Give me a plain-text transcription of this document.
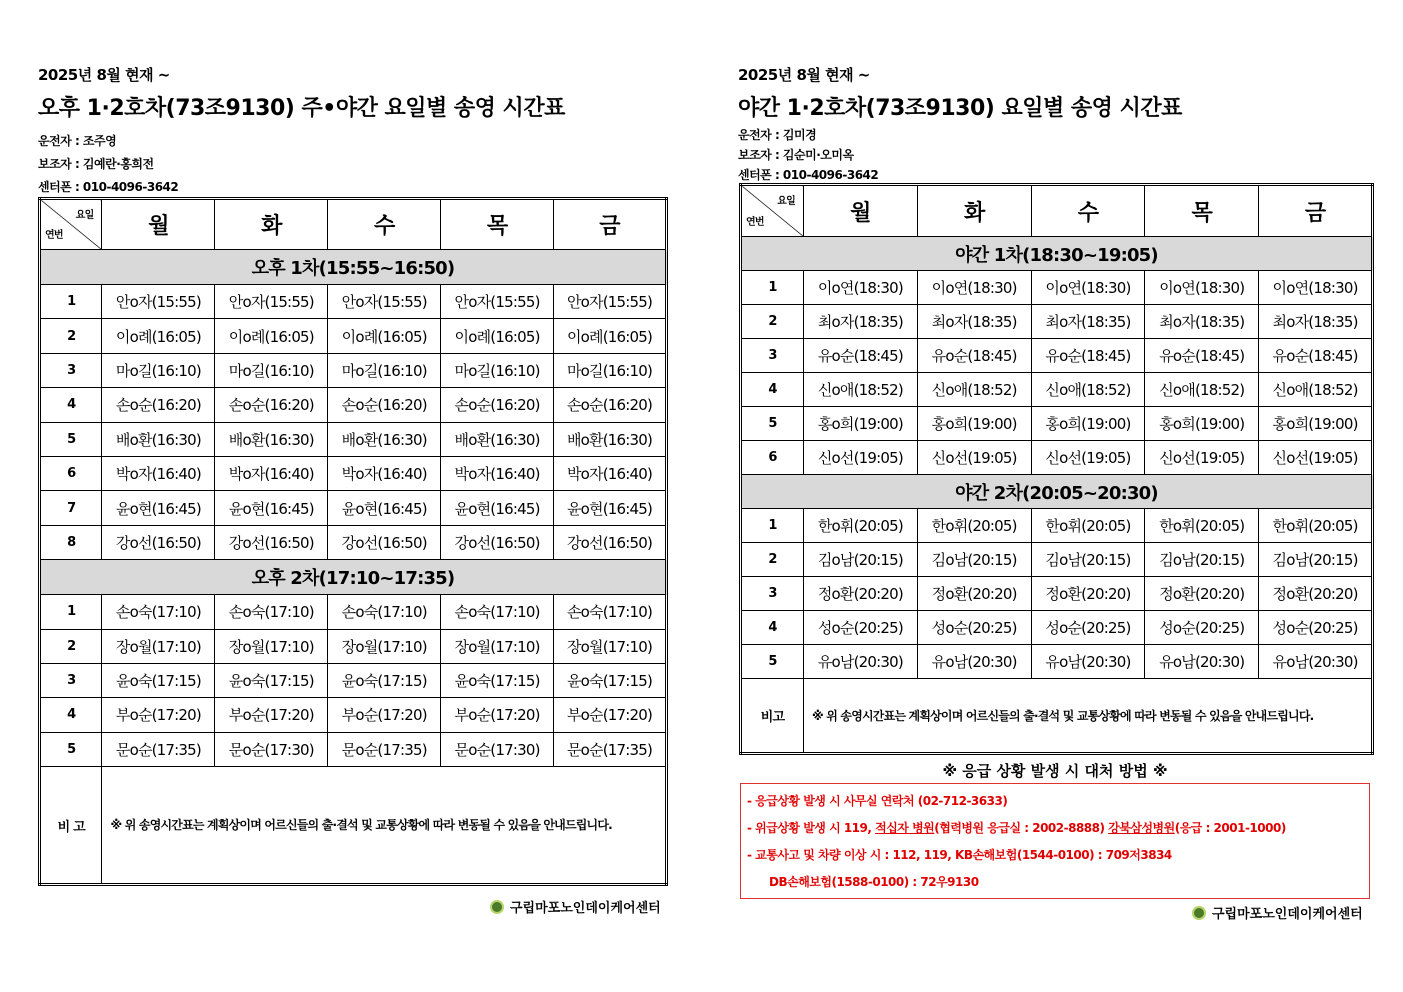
2025년 8월 현재 ~
오후 1·2호차(73조9130) 주•야간 요일별 송영 시간표
운전자 : 조주영
보조자 : 김예란·홍희전
센터폰 : 010-4096-3642
요일
연번	월	화	수	목	금
오후 1차(15:55~16:50)					
1	안o자(15:55)	안o자(15:55)	안o자(15:55)	안o자(15:55)	안o자(15:55)
2	이o례(16:05)	이o례(16:05)	이o례(16:05)	이o례(16:05)	이o례(16:05)
3	마o길(16:10)	마o길(16:10)	마o길(16:10)	마o길(16:10)	마o길(16:10)
4	손o순(16:20)	손o순(16:20)	손o순(16:20)	손o순(16:20)	손o순(16:20)
5	배o환(16:30)	배o환(16:30)	배o환(16:30)	배o환(16:30)	배o환(16:30)
6	박o자(16:40)	박o자(16:40)	박o자(16:40)	박o자(16:40)	박o자(16:40)
7	윤o현(16:45)	윤o현(16:45)	윤o현(16:45)	윤o현(16:45)	윤o현(16:45)
8	강o선(16:50)	강o선(16:50)	강o선(16:50)	강o선(16:50)	강o선(16:50)
오후 2차(17:10~17:35)					
1	손o숙(17:10)	손o숙(17:10)	손o숙(17:10)	손o숙(17:10)	손o숙(17:10)
2	장o월(17:10)	장o월(17:10)	장o월(17:10)	장o월(17:10)	장o월(17:10)
3	윤o숙(17:15)	윤o숙(17:15)	윤o숙(17:15)	윤o숙(17:15)	윤o숙(17:15)
4	부o순(17:20)	부o순(17:20)	부o순(17:20)	부o순(17:20)	부o순(17:20)
5	문o순(17:35)	문o순(17:30)	문o순(17:35)	문o순(17:30)	문o순(17:35)
비 고	※ 위 송영시간표는 계획상이며 어르신들의 출·결석 및 교통상황에 따라 변동될 수 있음을 안내드립니다.				
2025년 8월 현재 ~
야간 1·2호차(73조9130) 요일별 송영 시간표
운전자 : 김미경
보조자 : 김순미·오미옥
센터폰 : 010-4096-3642
요일
연번	월	화	수	목	금
야간 1차(18:30~19:05)					
1	이o연(18:30)	이o연(18:30)	이o연(18:30)	이o연(18:30)	이o연(18:30)
2	최o자(18:35)	최o자(18:35)	최o자(18:35)	최o자(18:35)	최o자(18:35)
3	유o순(18:45)	유o순(18:45)	유o순(18:45)	유o순(18:45)	유o순(18:45)
4	신o애(18:52)	신o애(18:52)	신o애(18:52)	신o애(18:52)	신o애(18:52)
5	홍o희(19:00)	홍o희(19:00)	홍o희(19:00)	홍o희(19:00)	홍o희(19:00)
6	신o선(19:05)	신o선(19:05)	신o선(19:05)	신o선(19:05)	신o선(19:05)
야간 2차(20:05~20:30)					
1	한o휘(20:05)	한o휘(20:05)	한o휘(20:05)	한o휘(20:05)	한o휘(20:05)
2	김o남(20:15)	김o남(20:15)	김o남(20:15)	김o남(20:15)	김o남(20:15)
3	정o환(20:20)	정o환(20:20)	정o환(20:20)	정o환(20:20)	정o환(20:20)
4	성o순(20:25)	성o순(20:25)	성o순(20:25)	성o순(20:25)	성o순(20:25)
5	유o남(20:30)	유o남(20:30)	유o남(20:30)	유o남(20:30)	유o남(20:30)
비고	※ 위 송영시간표는 계획상이며 어르신들의 출·결석 및 교통상황에 따라 변동될 수 있음을 안내드립니다.				
※ 응급 상황 발생 시 대처 방법 ※
- 응급상황 발생 시 사무실 연락처 (02-712-3633)
- 위급상황 발생 시 119, 적십자 병원(협력병원 응급실 : 2002-8888) 강북삼성병원(응급 : 2001-1000)
- 교통사고 및 차량 이상 시 : 112, 119, KB손해보험(1544-0100) : 709저3834
DB손해보험(1588-0100) : 72우9130
구립마포노인데이케어센터	구립마포노인데이케어센터
